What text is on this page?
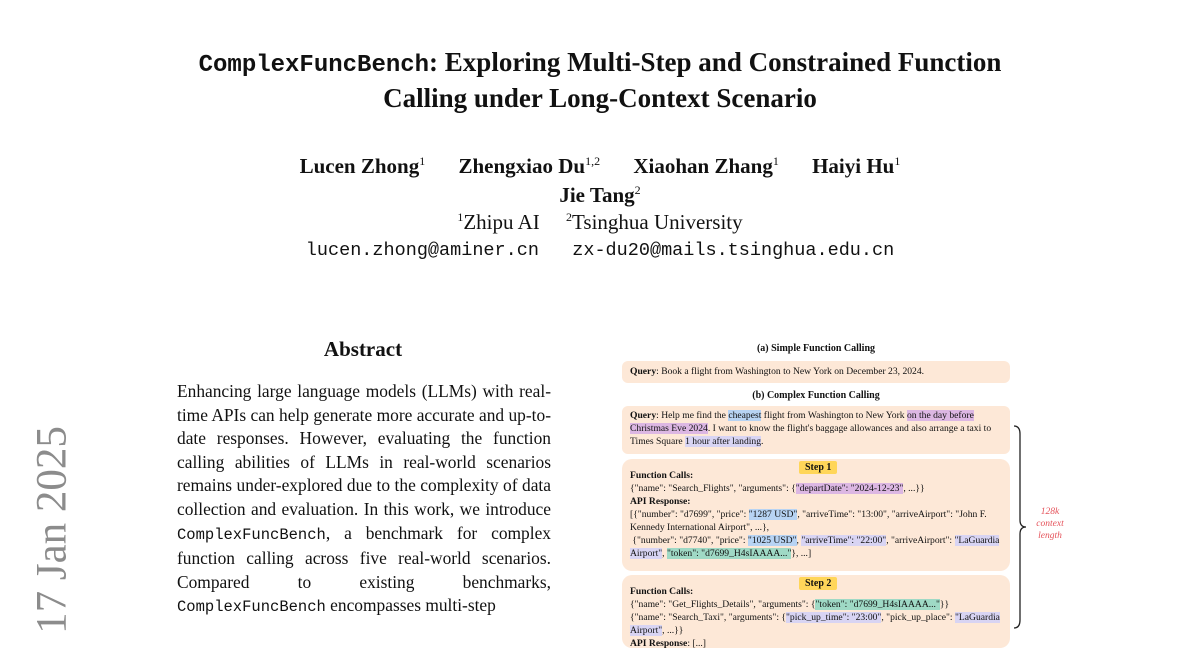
17 Jan 2025
ComplexFuncBench: Exploring Multi-Step and Constrained Function
Calling under Long-Context Scenario
Lucen Zhong$^1$ Zhengxiao Du$^{1,2}$ Xiaohan Zhang$^1$ Haiyi Hu$^1$
Jie Tang$^2$
$^1$Zhipu AI $^2$Tsinghua University
lucen.zhong@aminer.cn zx-du20@mails.tsinghua.edu.cn
Abstract
Enhancing large language models (LLMs) with real-time APIs can help generate more accurate and up-to-date responses. However, evaluating the function calling abilities of LLMs in real-world scenarios remains under-explored due to the complexity of data collection and evaluation. In this work, we introduce ComplexFuncBench, a benchmark for complex function calling across five real-world scenarios. Compared to existing benchmarks, ComplexFuncBench encompasses multi-step
(a) Simple Function Calling
Query: Book a flight from Washington to New York on December 23, 2024.
(b) Complex Function Calling
Query: Help me find the cheapest flight from Washington to New York on the day before Christmas Eve 2024. I want to know the flight's baggage allowances and also arrange a taxi to Times Square 1 hour after landing.
Function Calls:
{"name": "Search_Flights", "arguments": {"departDate": "2024-12-23", ...}}
API Response:
[{"number": "d7699", "price": "1287 USD", "arriveTime": "13:00", "arriveAirport": "John F. Kennedy International Airport", ...},
{"number": "d7740", "price": "1025 USD", "arriveTime": "22:00", "arriveAirport": "LaGuardia Airport", "token": "d7699_H4sIAAAA..."}, ...]
Step 1
Function Calls:
{"name": "Get_Flights_Details", "arguments": {"token": "d7699_H4sIAAAA..."}}
{"name": "Search_Taxi", "arguments": {"pick_up_time": "23:00", "pick_up_place": "LaGuardia Airport", ...}}
API Response: [...]
Step 2
128k
context
length
